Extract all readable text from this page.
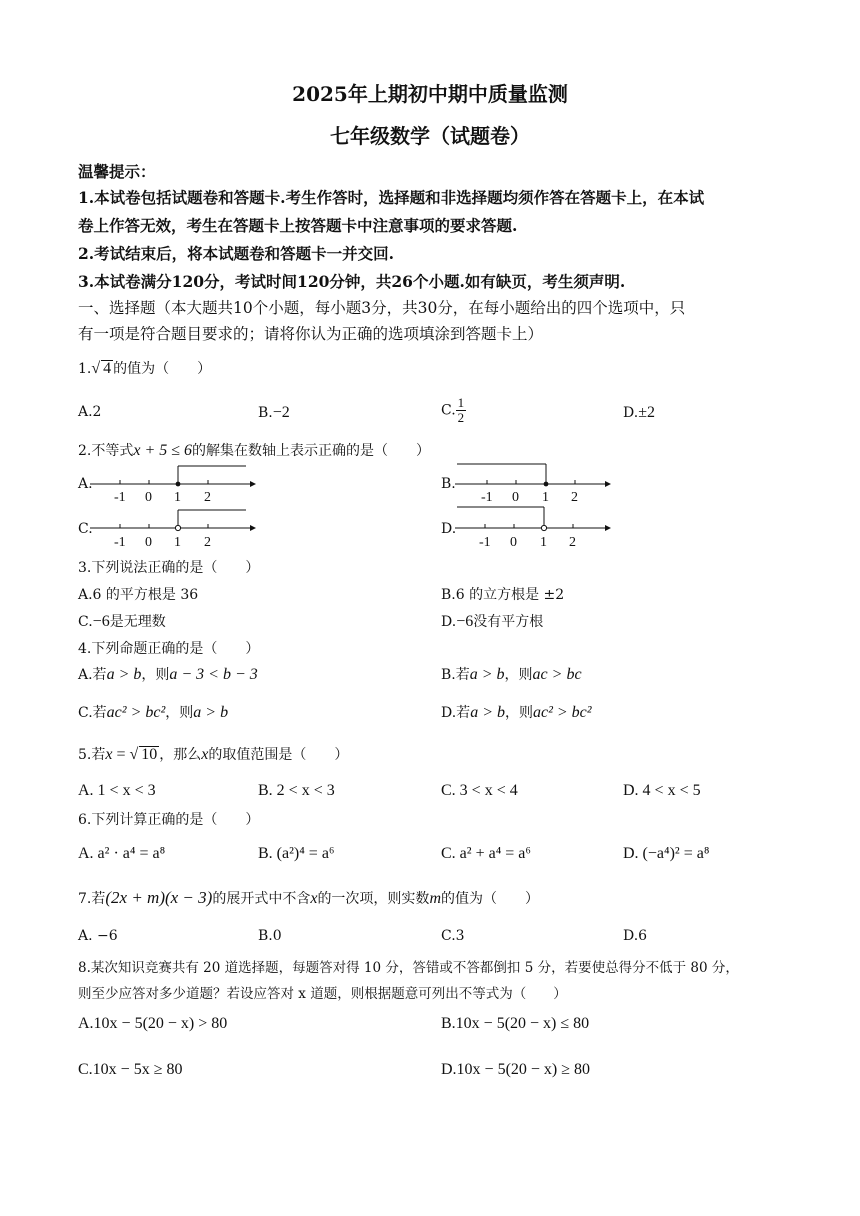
2025年上期初中期中质量监测
七年级数学（试题卷）
温馨提示：
1.本试卷包括试题卷和答题卡.考生作答时，选择题和非选择题均须作答在答题卡上，在本试
卷上作答无效，考生在答题卡上按答题卡中注意事项的要求答题.
2.考试结束后，将本试题卷和答题卡一并交回.
3.本试卷满分120分，考试时间120分钟，共26个小题.如有缺页，考生须声明.
一、选择题（本大题共10个小题，每小题3分，共30分，在每小题给出的四个选项中，只
有一项是符合题目要求的；请将你认为正确的选项填涂到答题卡上）
1.√ 4 的值为（　　）
A.2	B.−2	C. $\frac{1}{2}$	D.±2
2.不等式x + 5 ≤ 6的解集在数轴上表示正确的是（　　）
A.	B.
C.	D.
-1 0 1 2	-1 0 1 2
-1 0 1 2	-1 0 1 2
3.下列说法正确的是（　　）
A.6 的平方根是 36	B.6 的立方根是 ±2
C.−6是无理数	D.−6没有平方根
4.下列命题正确的是（　　）
A.若a > b，则a − 3 < b − 3	B.若a > b，则ac > bc
C.若ac² > bc²，则a > b	D.若a > b，则ac² > bc²
5.若x = √ 10 ，那么x的取值范围是（　　）
A. 1 < x < 3	B. 2 < x < 3	C. 3 < x < 4	D. 4 < x < 5
6.下列计算正确的是（　　）
A. a² · a⁴ = a⁸	B. (a²)⁴ = a⁶	C. a² + a⁴ = a⁶	D. (−a⁴)² = a⁸
7.若(2x + m)(x − 3)的展开式中不含x的一次项，则实数m的值为（　　）
A. −6	B.0	C.3	D.6
8.某次知识竞赛共有 20 道选择题，每题答对得 10 分，答错或不答都倒扣 5 分，若要使总得分不低于 80 分，
则至少应答对多少道题？若设应答对 x 道题，则根据题意可列出不等式为（　　）
A.10x − 5(20 − x) > 80	B.10x − 5(20 − x) ≤ 80
C.10x − 5x ≥ 80	D.10x − 5(20 − x) ≥ 80
